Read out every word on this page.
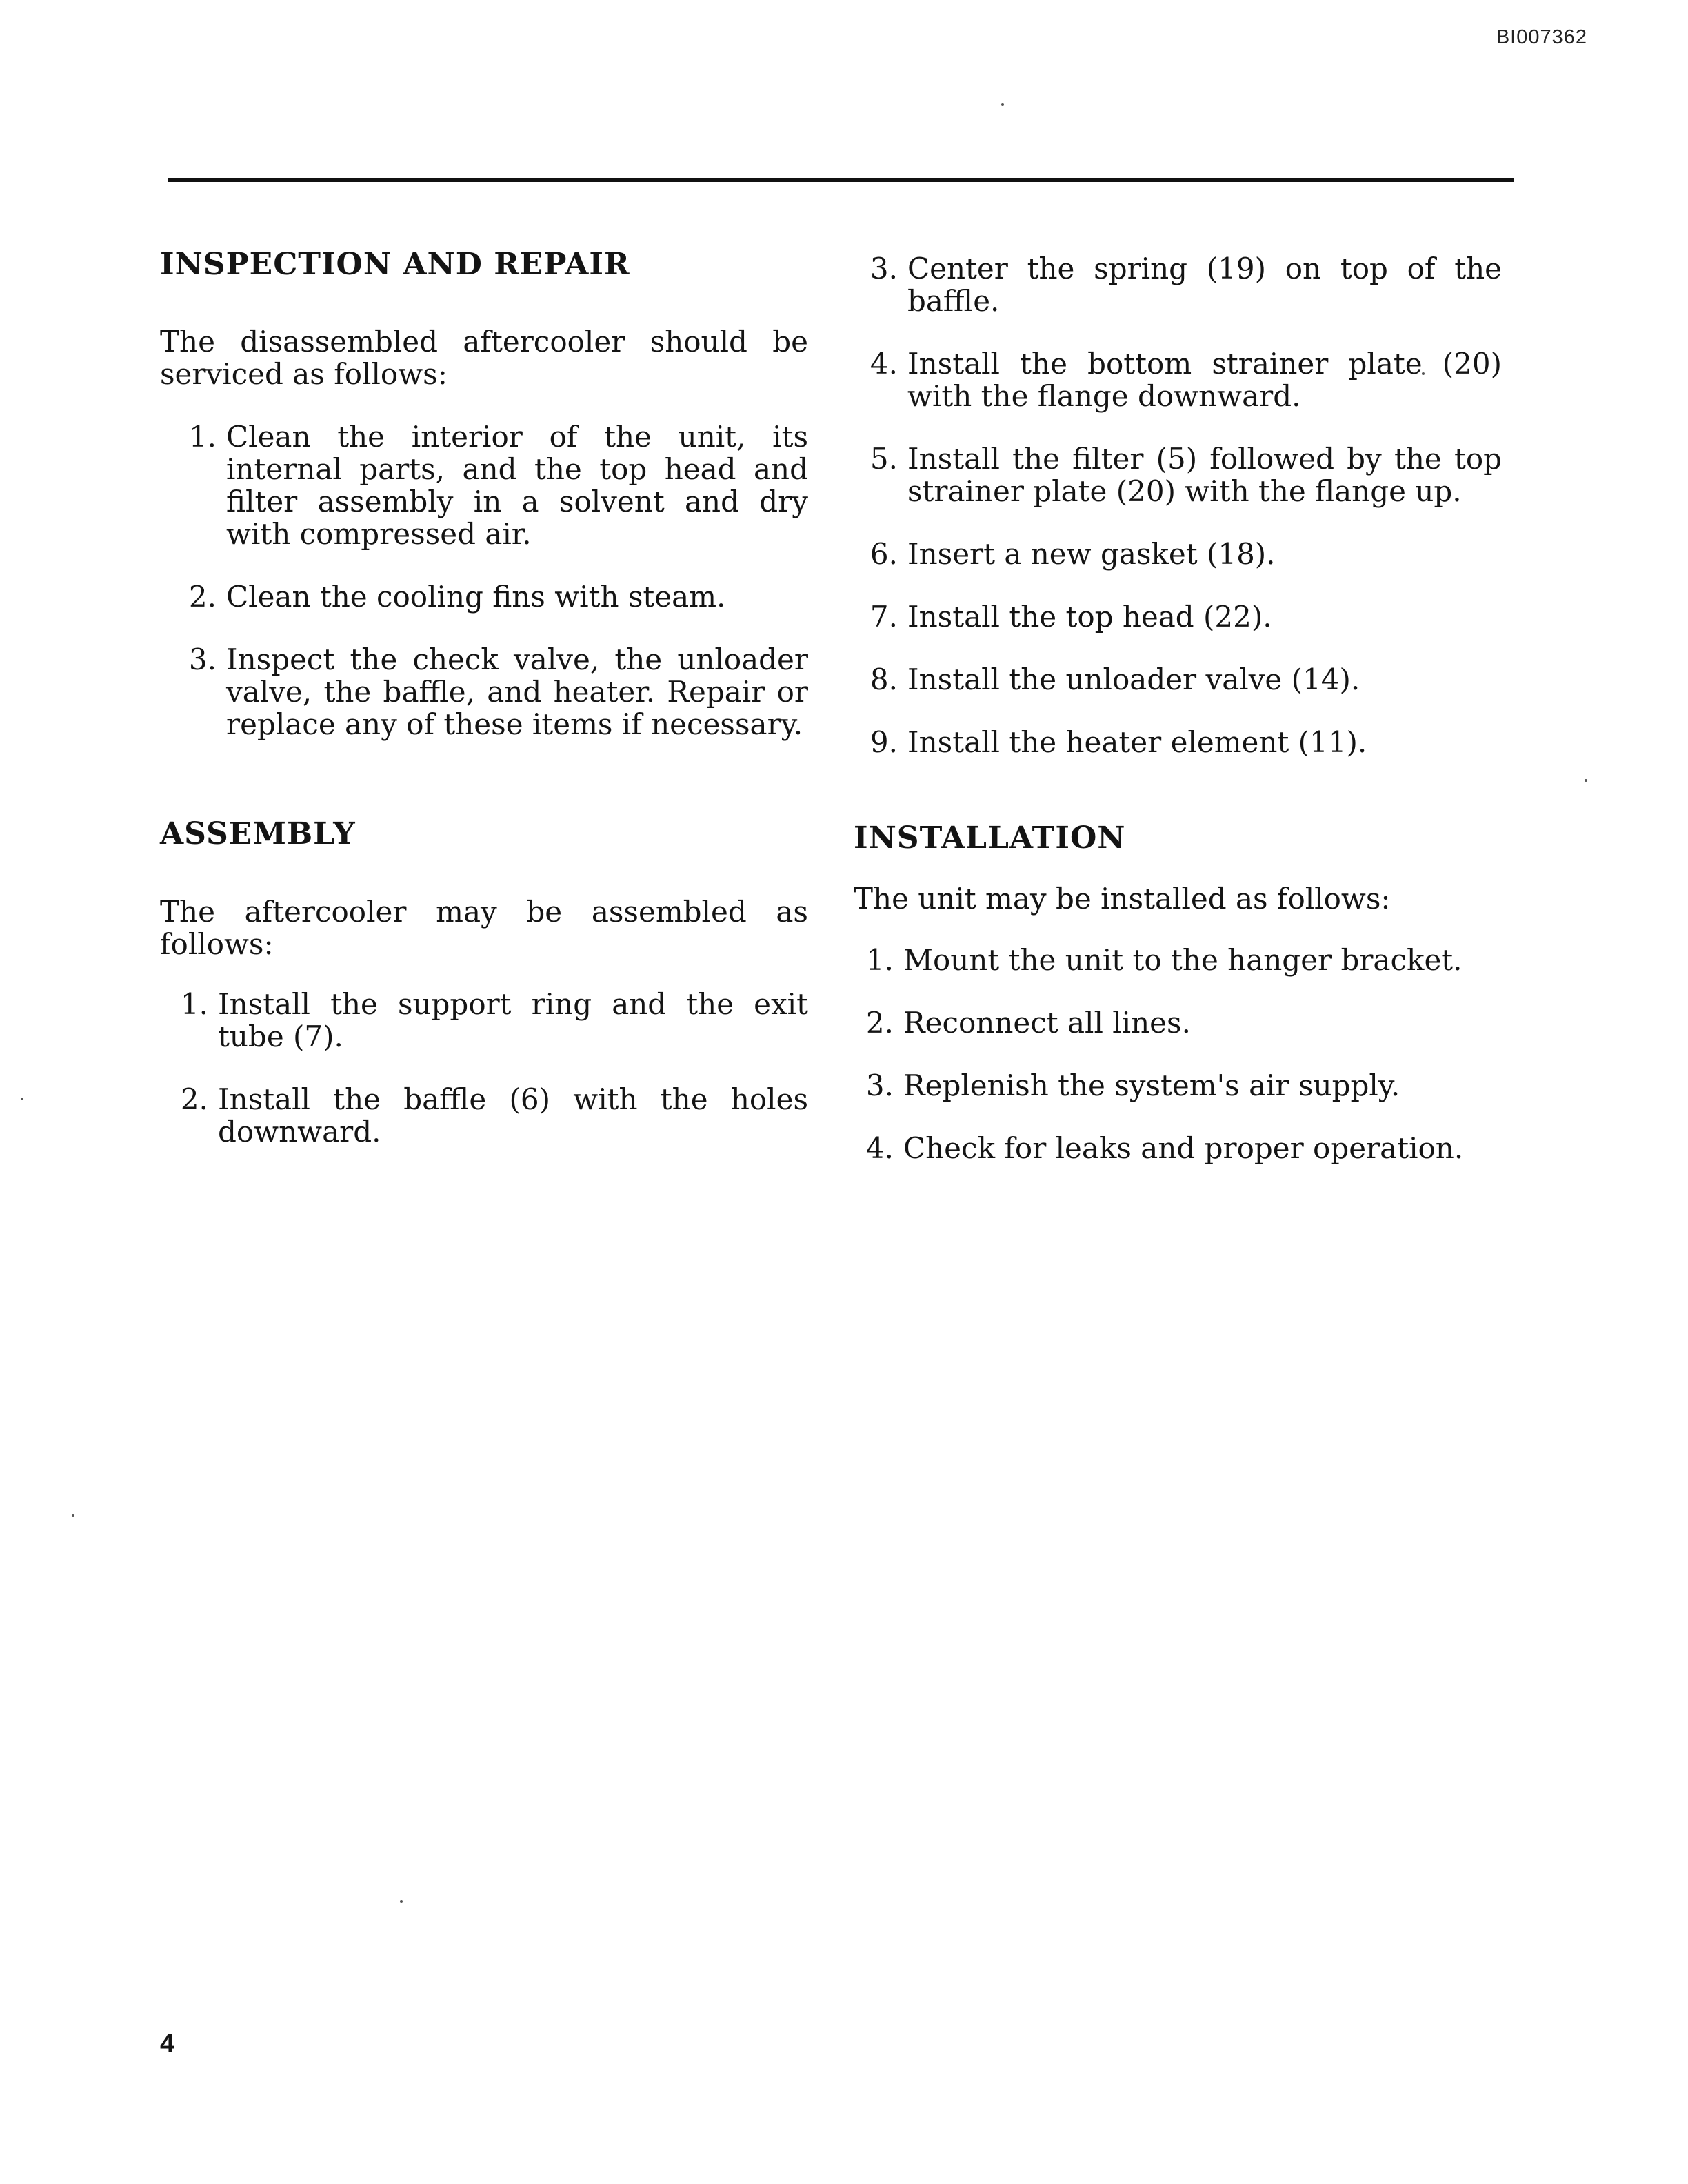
BI007362
INSPECTION AND REPAIR

The disassembled aftercooler should be serviced as follows:

1. Clean the interior of the unit, its internal parts, and the top head and filter assembly in a solvent and dry with compressed air.
2. Clean the cooling fins with steam.
3. Inspect the check valve, the unloader valve, the baffle, and heater. Repair or replace any of these items if necessary.
ASSEMBLY

The aftercooler may be assembled as follows:

1. Install the support ring and the exit tube (7).
2. Install the baffle (6) with the holes downward.
3. Center the spring (19) on top of the baffle.
4. Install the bottom strainer plate (20) with the flange downward.
5. Install the filter (5) followed by the top strainer plate (20) with the flange up.
6. Insert a new gasket (18).
7. Install the top head (22).
8. Install the unloader valve (14).
9. Install the heater element (11).
INSTALLATION

The unit may be installed as follows:

1. Mount the unit to the hanger bracket.
2. Reconnect all lines.
3. Replenish the system's air supply.
4. Check for leaks and proper operation.
4
